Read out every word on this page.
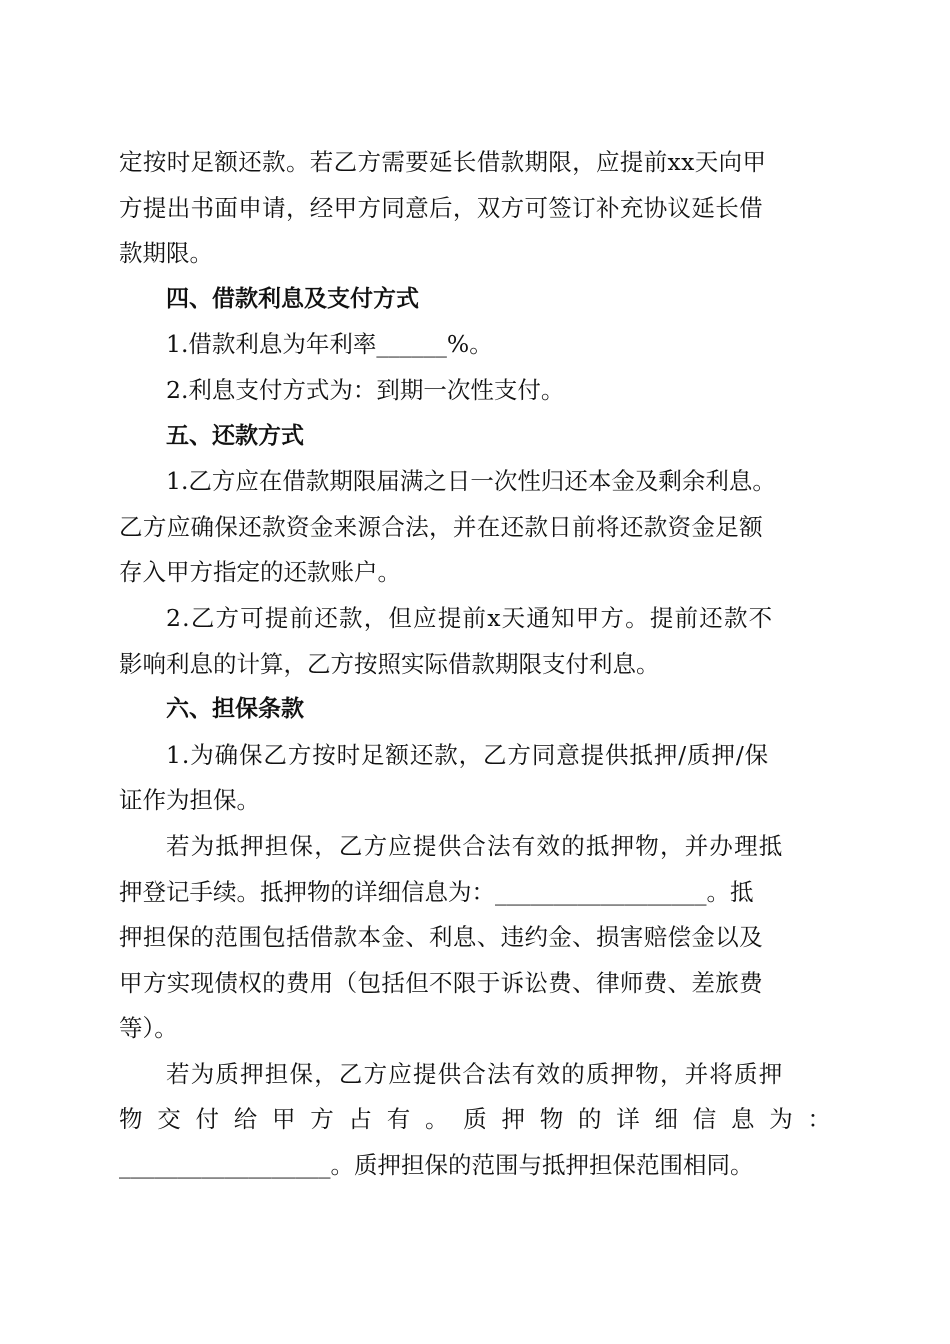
定按时足额还款。若乙方需要延长借款期限，应提前xx天向甲
方提出书面申请，经甲方同意后，双方可签订补充协议延长借
款期限。
四、借款利息及支付方式
1.借款利息为年利率______%。
2.利息支付方式为：到期一次性支付。
五、还款方式
1.乙方应在借款期限届满之日一次性归还本金及剩余利息。
乙方应确保还款资金来源合法，并在还款日前将还款资金足额
存入甲方指定的还款账户。
2.乙方可提前还款，但应提前x天通知甲方。提前还款不
影响利息的计算，乙方按照实际借款期限支付利息。
六、担保条款
1.为确保乙方按时足额还款，乙方同意提供抵押/质押/保
证作为担保。
若为抵押担保，乙方应提供合法有效的抵押物，并办理抵
押登记手续。抵押物的详细信息为：__________________。抵
押担保的范围包括借款本金、利息、违约金、损害赔偿金以及
甲方实现债权的费用（包括但不限于诉讼费、律师费、差旅费
等）。
若为质押担保，乙方应提供合法有效的质押物，并将质押
物 交 付 给 甲 方 占 有 。 质 押 物 的 详 细 信 息 为 ：
__________________。质押担保的范围与抵押担保范围相同。
